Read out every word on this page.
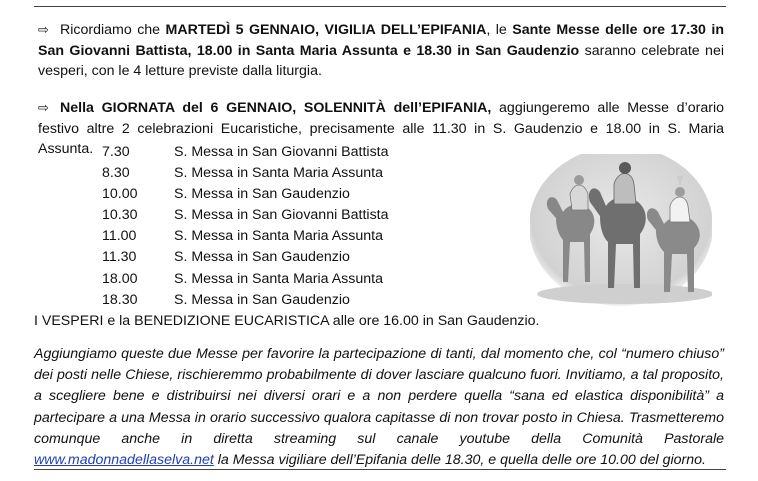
⇨ Ricordiamo che MARTEDÌ 5 GENNAIO, VIGILIA DELL’EPIFANIA, le Sante Messe delle ore 17.30 in San Giovanni Battista, 18.00 in Santa Maria Assunta e 18.30 in San Gaudenzio saranno celebrate nei vesperi, con le 4 letture previste dalla liturgia.
⇨ Nella GIORNATA del 6 GENNAIO, SOLENNITÀ dell’EPIFANIA, aggiungeremo alle Messe d’orario festivo altre 2 celebrazioni Eucaristiche, precisamente alle 11.30 in S. Gaudenzio e 18.00 in S. Maria Assunta. 7.30	S. Messa in San Giovanni Battista
8.30	S. Messa in Santa Maria Assunta
10.00	S. Messa in San Gaudenzio
10.30	S. Messa in San Giovanni Battista
11.00	S. Messa in Santa Maria Assunta
11.30	S. Messa in San Gaudenzio
18.00	S. Messa in Santa Maria Assunta
18.30	S. Messa in San Gaudenzio
I VESPERI e la BENEDIZIONE EUCARISTICA alle ore 16.00 in San Gaudenzio.
Aggiungiamo queste due Messe per favorire la partecipazione di tanti, dal momento che, col “numero chiuso” dei posti nelle Chiese, rischieremmo probabilmente di dover lasciare qualcuno fuori. Invitiamo, a tal proposito, a scegliere bene e distribuirsi nei diversi orari e a non perdere quella “sana ed elastica disponibilità” a partecipare a una Messa in orario successivo qualora capitasse di non trovar posto in Chiesa. Trasmetteremo comunque anche in diretta streaming sul canale youtube della Comunità Pastorale www.madonnadellaselva.net la Messa vigiliare dell’Epifania delle 18.30, e quella delle ore 10.00 del giorno.
